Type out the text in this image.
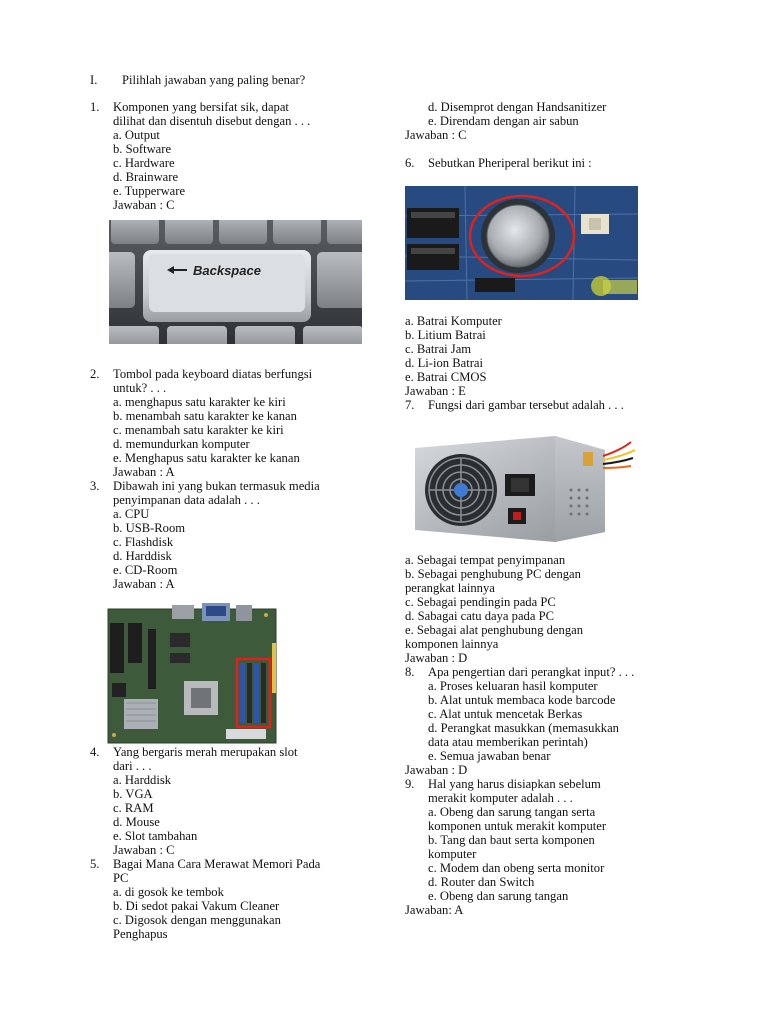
I. Pilihlah jawaban yang paling benar?
1. Komponen yang bersifat sik, dapat
dilihat dan disentuh disebut dengan . . .
a. Output
b. Software
c. Hardware
d. Brainware
e. Tupperware
Jawaban : C
Backspace
2. Tombol pada keyboard diatas berfungsi
untuk? . . .
a. menghapus satu karakter ke kiri
b. menambah satu karakter ke kanan
c. menambah satu karakter ke kiri
d. memundurkan komputer
e. Menghapus satu karakter ke kanan
Jawaban : A
3. Dibawah ini yang bukan termasuk media
penyimpanan data adalah . . .
a. CPU
b. USB-Room
c. Flashdisk
d. Harddisk
e. CD-Room
Jawaban : A
4. Yang bergaris merah merupakan slot
dari . . .
a. Harddisk
b. VGA
c. RAM
d. Mouse
e. Slot tambahan
Jawaban : C
5. Bagai Mana Cara Merawat Memori Pada
PC
a. di gosok ke tembok
b. Di sedot pakai Vakum Cleaner
c. Digosok dengan menggunakan
Penghapus
d. Disemprot dengan Handsanitizer
e. Direndam dengan air sabun
Jawaban : C
6. Sebutkan Pheriperal berikut ini :
a. Batrai Komputer
b. Litium Batrai
c. Batrai Jam
d. Li-ion Batrai
e. Batrai CMOS
Jawaban : E
7. Fungsi dari gambar tersebut adalah . . .
a. Sebagai tempat penyimpanan
b. Sebagai penghubung PC dengan
perangkat lainnya
c. Sebagai pendingin pada PC
d. Sabagai catu daya pada PC
e. Sebagai alat penghubung dengan
komponen lainnya
Jawaban : D
8. Apa pengertian dari perangkat input? . . .
a. Proses keluaran hasil komputer
b. Alat untuk membaca kode barcode
c. Alat untuk mencetak Berkas
d. Perangkat masukkan (memasukkan
data atau memberikan perintah)
e. Semua jawaban benar
Jawaban : D
9. Hal yang harus disiapkan sebelum
merakit komputer adalah . . .
a. Obeng dan sarung tangan serta
komponen untuk merakit komputer
b. Tang dan baut serta komponen
komputer
c. Modem dan obeng serta monitor
d. Router dan Switch
e. Obeng dan sarung tangan
Jawaban: A
